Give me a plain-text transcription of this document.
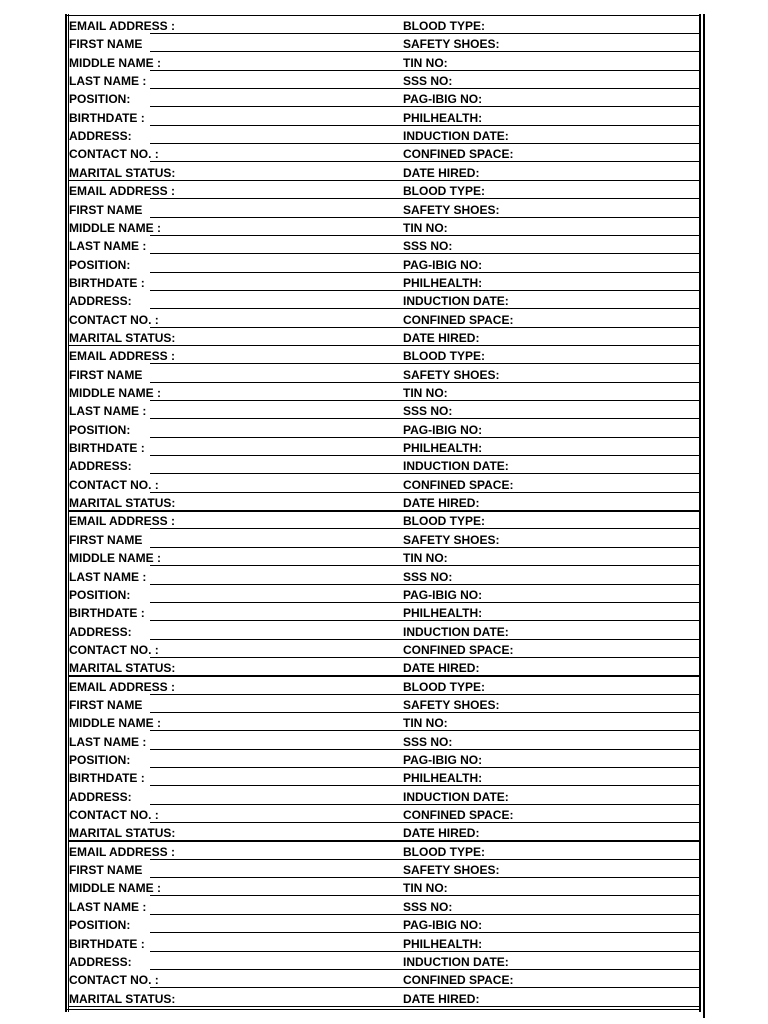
EMAIL ADDRESS :	BLOOD TYPE:
FIRST NAME	SAFETY SHOES:
MIDDLE NAME :	TIN NO:
LAST NAME :	SSS NO:
POSITION:	PAG-IBIG NO:
BIRTHDATE :	PHILHEALTH:
ADDRESS:	INDUCTION DATE:
CONTACT NO. :	CONFINED SPACE:
MARITAL STATUS:	DATE HIRED:
EMAIL ADDRESS :	BLOOD TYPE:
FIRST NAME	SAFETY SHOES:
MIDDLE NAME :	TIN NO:
LAST NAME :	SSS NO:
POSITION:	PAG-IBIG NO:
BIRTHDATE :	PHILHEALTH:
ADDRESS:	INDUCTION DATE:
CONTACT NO. :	CONFINED SPACE:
MARITAL STATUS:	DATE HIRED:
EMAIL ADDRESS :	BLOOD TYPE:
FIRST NAME	SAFETY SHOES:
MIDDLE NAME :	TIN NO:
LAST NAME :	SSS NO:
POSITION:	PAG-IBIG NO:
BIRTHDATE :	PHILHEALTH:
ADDRESS:	INDUCTION DATE:
CONTACT NO. :	CONFINED SPACE:
MARITAL STATUS:	DATE HIRED:
EMAIL ADDRESS :	BLOOD TYPE:
FIRST NAME	SAFETY SHOES:
MIDDLE NAME :	TIN NO:
LAST NAME :	SSS NO:
POSITION:	PAG-IBIG NO:
BIRTHDATE :	PHILHEALTH:
ADDRESS:	INDUCTION DATE:
CONTACT NO. :	CONFINED SPACE:
MARITAL STATUS:	DATE HIRED:
EMAIL ADDRESS :	BLOOD TYPE:
FIRST NAME	SAFETY SHOES:
MIDDLE NAME :	TIN NO:
LAST NAME :	SSS NO:
POSITION:	PAG-IBIG NO:
BIRTHDATE :	PHILHEALTH:
ADDRESS:	INDUCTION DATE:
CONTACT NO. :	CONFINED SPACE:
MARITAL STATUS:	DATE HIRED:
EMAIL ADDRESS :	BLOOD TYPE:
FIRST NAME	SAFETY SHOES:
MIDDLE NAME :	TIN NO:
LAST NAME :	SSS NO:
POSITION:	PAG-IBIG NO:
BIRTHDATE :	PHILHEALTH:
ADDRESS:	INDUCTION DATE:
CONTACT NO. :	CONFINED SPACE:
MARITAL STATUS:	DATE HIRED:
